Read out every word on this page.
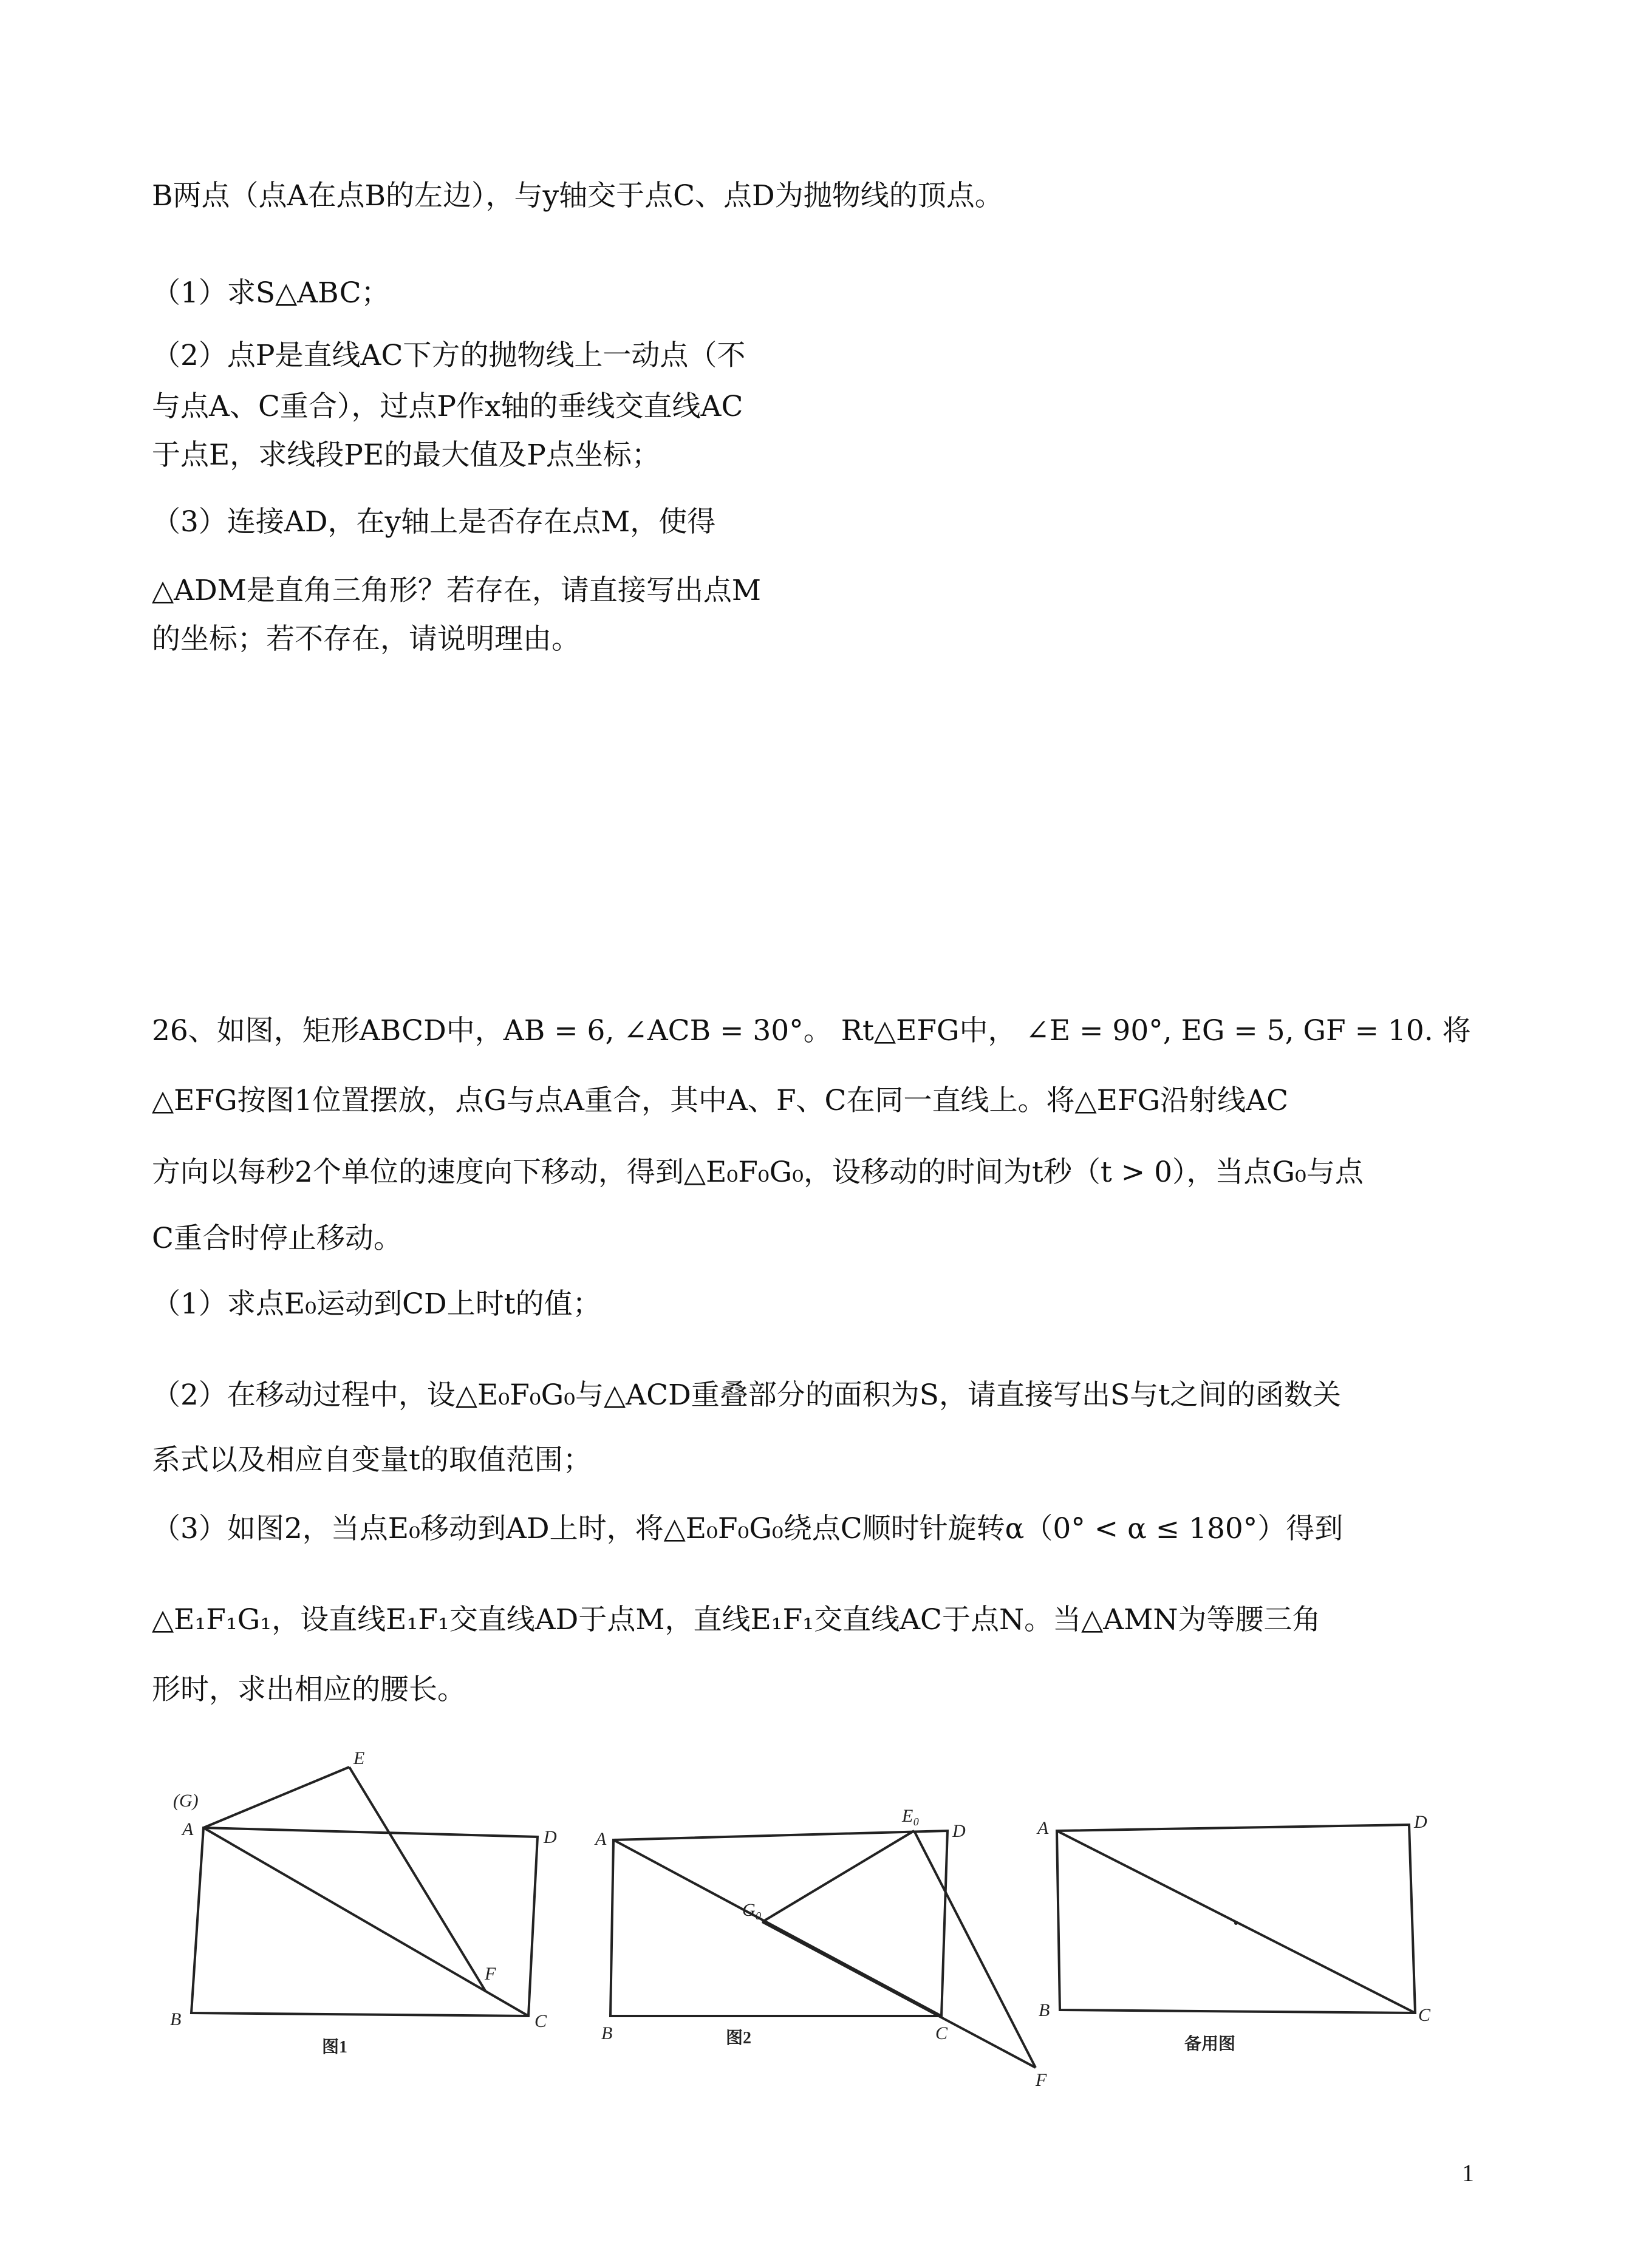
B两点（点A在点B的左边），与y轴交于点C、点D为抛物线的顶点。
（1）求S△ABC；
（2）点P是直线AC下方的抛物线上一动点（不
与点A、C重合），过点P作x轴的垂线交直线AC
于点E，求线段PE的最大值及P点坐标；
（3）连接AD，在y轴上是否存在点M，使得
△ADM是直角三角形？若存在，请直接写出点M
的坐标；若不存在，请说明理由。
26、如图，矩形ABCD中，AB = 6, ∠ACB = 30°。 Rt△EFG中， ∠E = 90°, EG = 5, GF = 10. 将
△EFG按图1位置摆放，点G与点A重合，其中A、F、C在同一直线上。将△EFG沿射线AC
方向以每秒2个单位的速度向下移动，得到△E₀F₀G₀，设移动的时间为t秒（t > 0），当点G₀与点
C重合时停止移动。
（1）求点E₀运动到CD上时t的值；
（2）在移动过程中，设△E₀F₀G₀与△ACD重叠部分的面积为S，请直接写出S与t之间的函数关
系式以及相应自变量t的取值范围；
（3）如图2，当点E₀移动到AD上时，将△E₀F₀G₀绕点C顺时针旋转α（0° < α ≤ 180°）得到
△E₁F₁G₁，设直线E₁F₁交直线AD于点M，直线E₁F₁交直线AC于点N。当△AMN为等腰三角
形时，求出相应的腰长。
(G)
A
E
D
F
B	C
图1
A
E₀
D
G₀
B	C
F
图2
A	D
B	C
备用图
1
